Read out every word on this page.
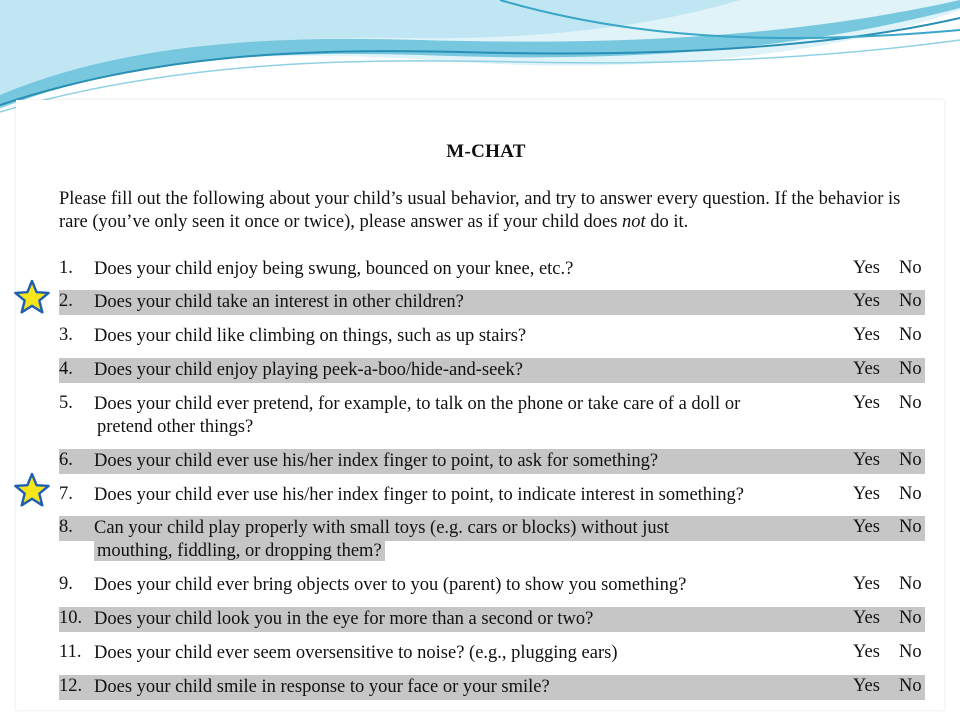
M-CHAT

Please fill out the following about your child’s usual behavior, and try to answer every question. If the behavior is rare (you’ve only seen it once or twice), please answer as if your child does not do it.

1. Does your child enjoy being swung, bounced on your knee, etc.?	Yes No
2. Does your child take an interest in other children?	Yes No
3. Does your child like climbing on things, such as up stairs?	Yes No
4. Does your child enjoy playing peek-a-boo/hide-and-seek?	Yes No
5. Does your child ever pretend, for example, to talk on the phone or take care of a doll or
pretend other things?
Yes No
6. Does your child ever use his/her index finger to point, to ask for something?	Yes No
7. Does your child ever use his/her index finger to point, to indicate interest in something?	Yes No
8. Can your child play properly with small toys (e.g. cars or blocks) without just
mouthing, fiddling, or dropping them?
Yes No
9. Does your child ever bring objects over to you (parent) to show you something?	Yes No
10. Does your child look you in the eye for more than a second or two?	Yes No
11. Does your child ever seem oversensitive to noise? (e.g., plugging ears)	Yes No
12. Does your child smile in response to your face or your smile?	Yes No
